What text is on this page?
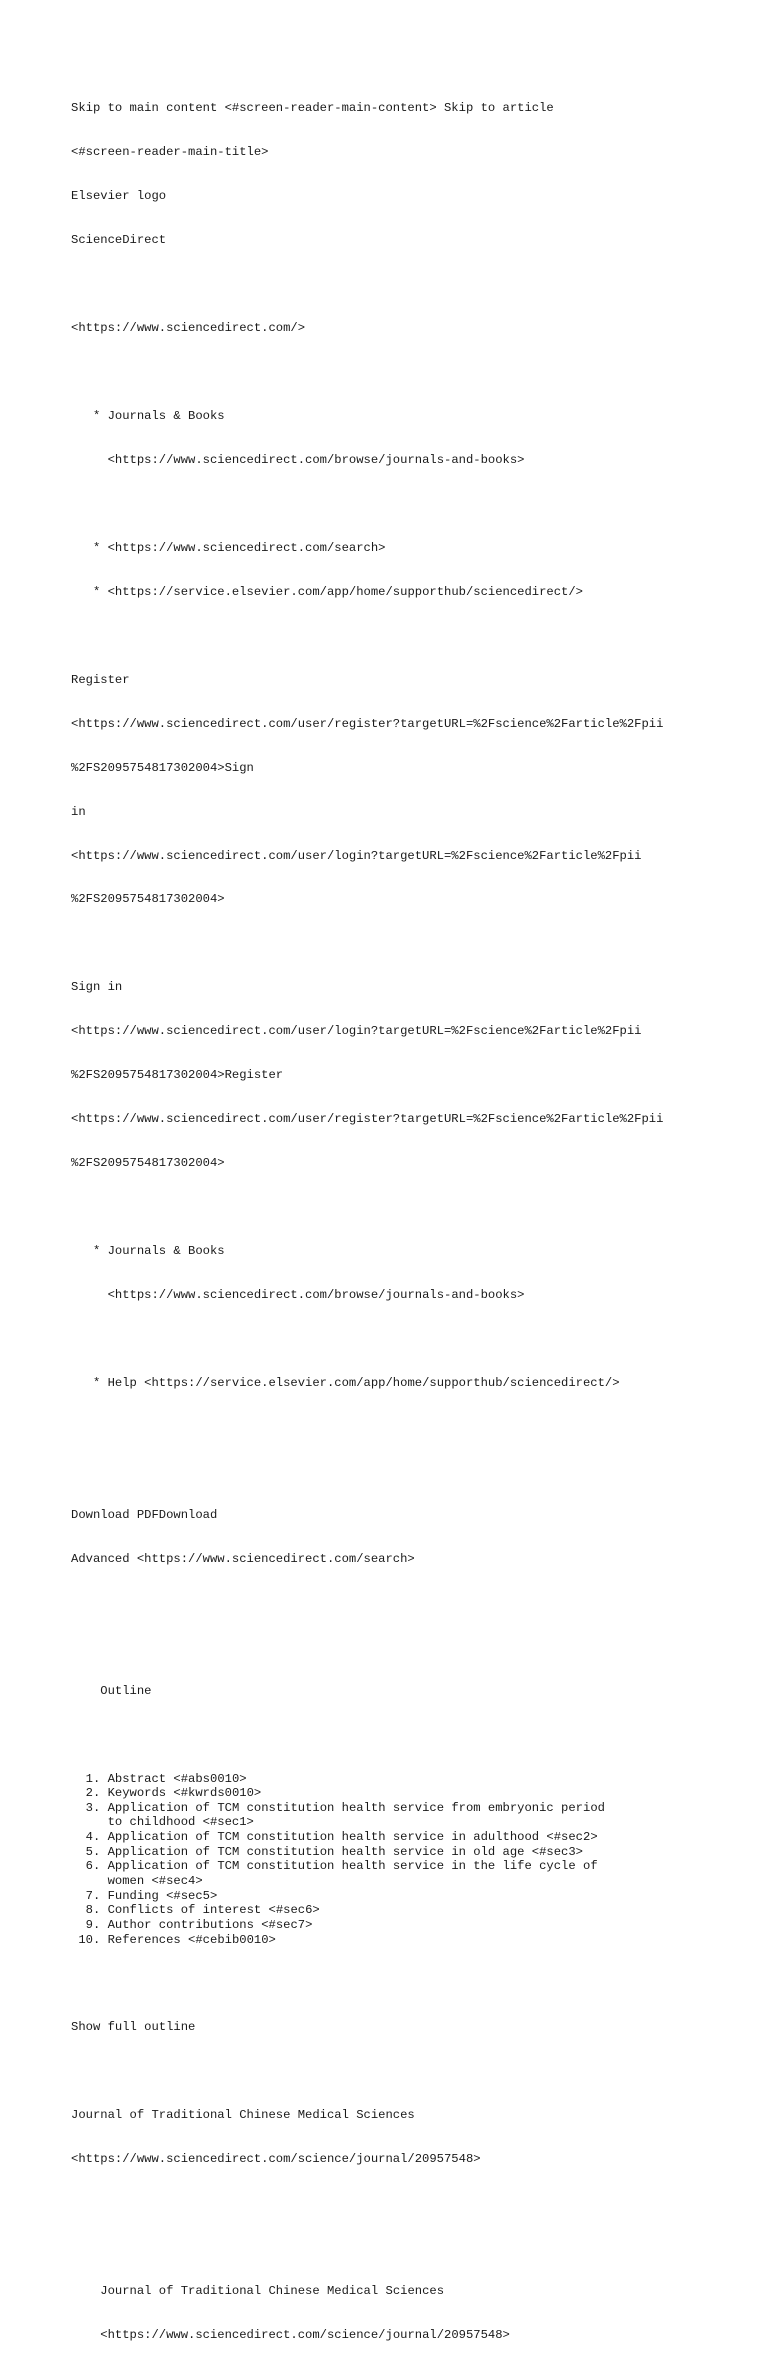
Skip to main content <#screen-reader-main-content> Skip to article

<#screen-reader-main-title>

Elsevier logo

ScienceDirect

<https://www.sciencedirect.com/>

* Journals & Books

<https://www.sciencedirect.com/browse/journals-and-books>

* <https://www.sciencedirect.com/search>

* <https://service.elsevier.com/app/home/supporthub/sciencedirect/>

Register

<https://www.sciencedirect.com/user/register?targetURL=%2Fscience%2Farticle%2Fpii

%2FS2095754817302004>Sign

in

<https://www.sciencedirect.com/user/login?targetURL=%2Fscience%2Farticle%2Fpii

%2FS2095754817302004>

Sign in

<https://www.sciencedirect.com/user/login?targetURL=%2Fscience%2Farticle%2Fpii

%2FS2095754817302004>Register

<https://www.sciencedirect.com/user/register?targetURL=%2Fscience%2Farticle%2Fpii

%2FS2095754817302004>

* Journals & Books

<https://www.sciencedirect.com/browse/journals-and-books>

* Help <https://service.elsevier.com/app/home/supporthub/sciencedirect/>

Download PDFDownload

Advanced <https://www.sciencedirect.com/search>

Outline

1. Abstract <#abs0010>
2. Keywords <#kwrds0010>
3. Application of TCM constitution health service from embryonic period
to childhood <#sec1>
4. Application of TCM constitution health service in adulthood <#sec2>
5. Application of TCM constitution health service in old age <#sec3>
6. Application of TCM constitution health service in the life cycle of
women <#sec4>
7. Funding <#sec5>
8. Conflicts of interest <#sec6>
9. Author contributions <#sec7>
10. References <#cebib0010>

Show full outline

Journal of Traditional Chinese Medical Sciences

<https://www.sciencedirect.com/science/journal/20957548>

Journal of Traditional Chinese Medical Sciences

<https://www.sciencedirect.com/science/journal/20957548>
